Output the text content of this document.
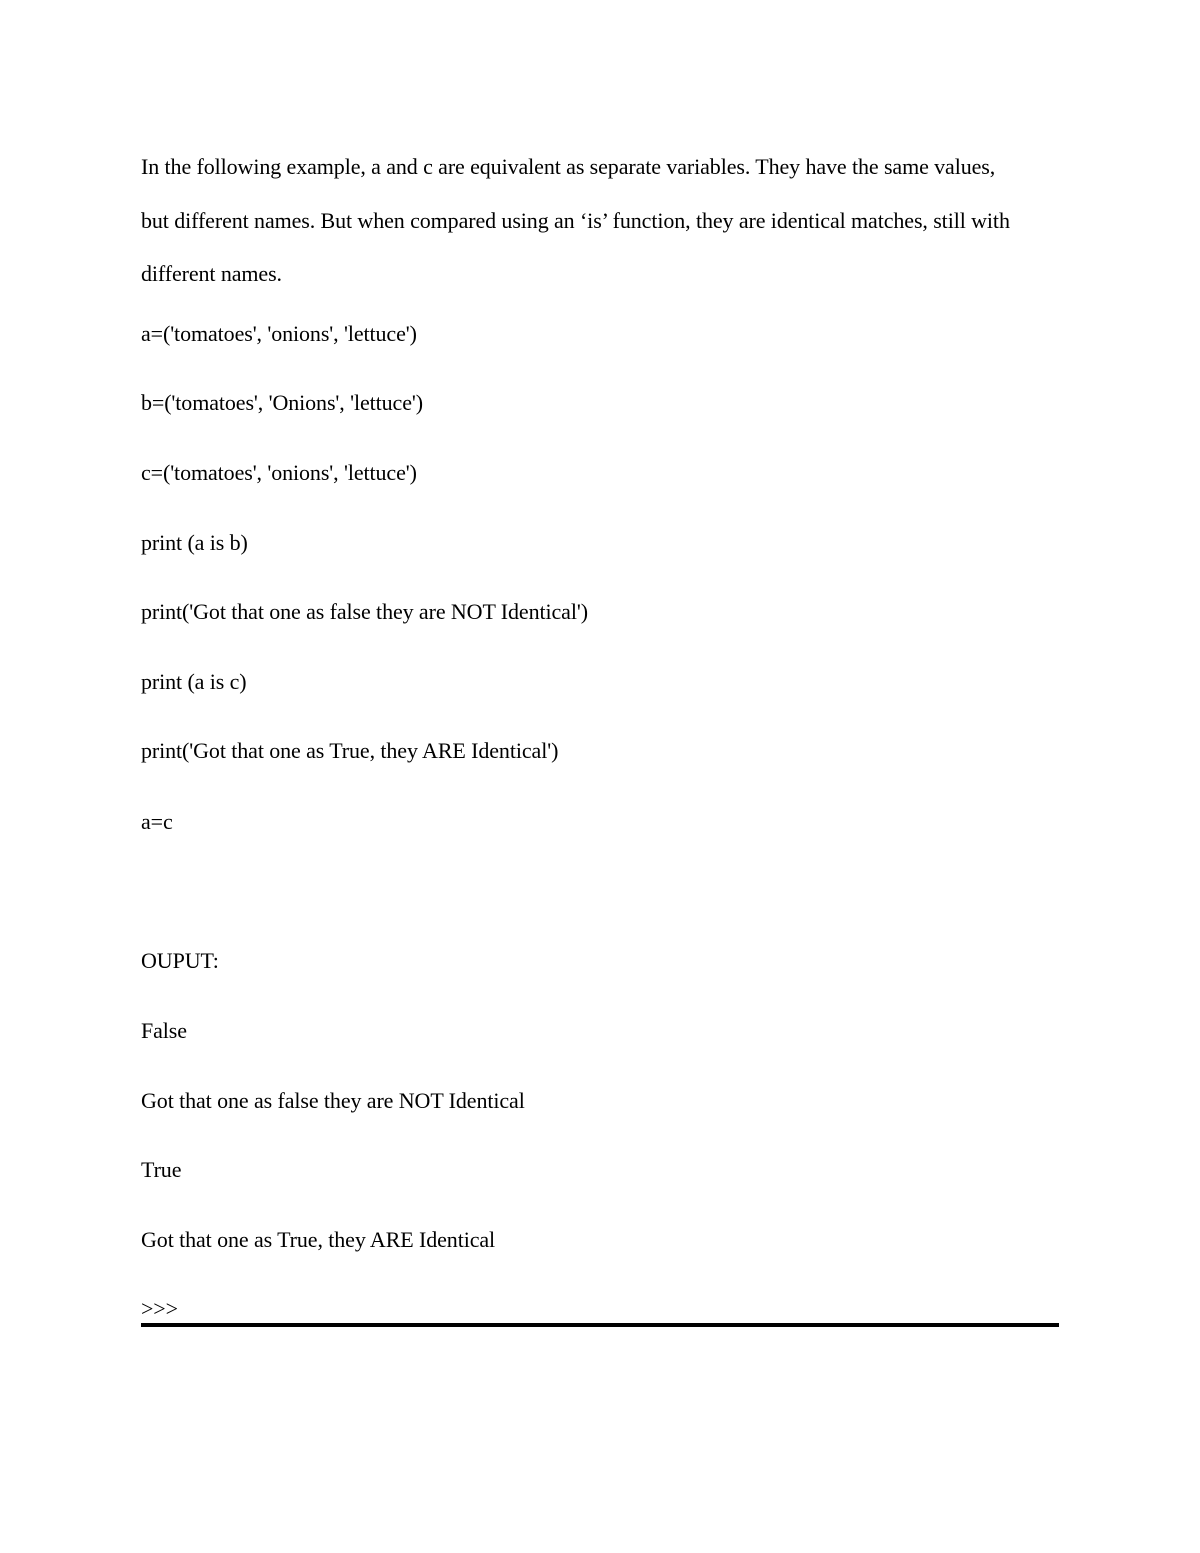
In the following example, a and c are equivalent as separate variables. They have the same values, but different names. But when compared using an ‘is’ function, they are identical matches, still with different names.

a=('tomatoes', 'onions', 'lettuce')

b=('tomatoes', 'Onions', 'lettuce')

c=('tomatoes', 'onions', 'lettuce')

print (a is b)

print('Got that one as false they are NOT Identical')

print (a is c)

print('Got that one as True, they ARE Identical')

a=c

OUPUT:

False

Got that one as false they are NOT Identical

True

Got that one as True, they ARE Identical

>>>
